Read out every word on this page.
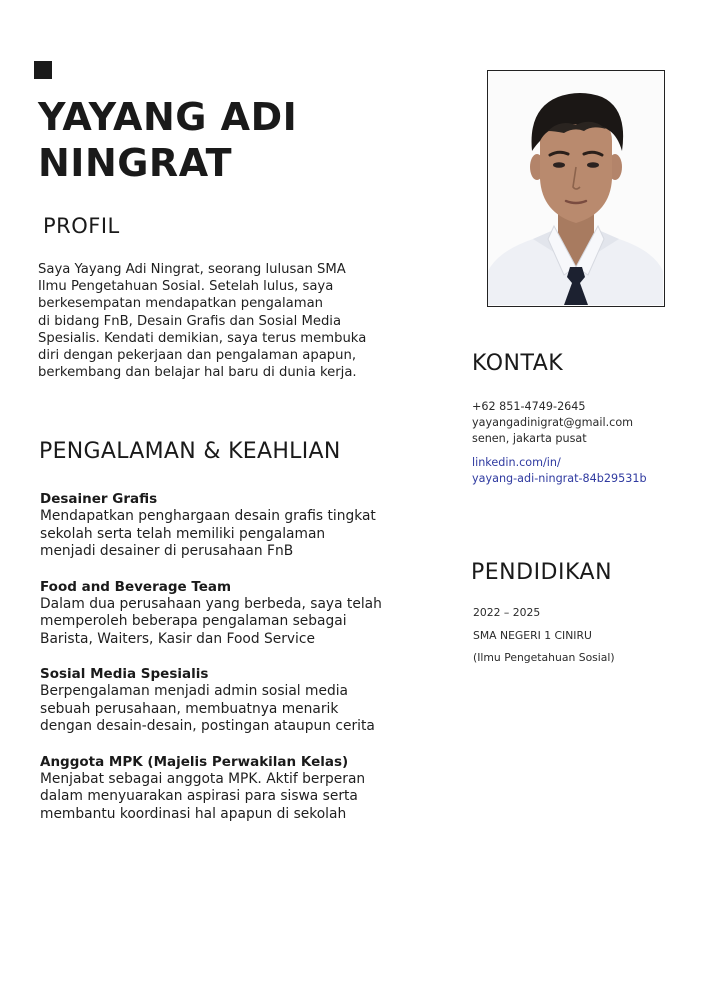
YAYANG ADI
NINGRAT
PROFIL

Saya Yayang Adi Ningrat, seorang lulusan SMA
Ilmu Pengetahuan Sosial. Setelah lulus, saya
berkesempatan mendapatkan pengalaman
di bidang FnB, Desain Grafis dan Sosial Media
Spesialis. Kendati demikian, saya terus membuka
diri dengan pekerjaan dan pengalaman apapun,
berkembang dan belajar hal baru di dunia kerja.

PENGALAMAN & KEAHLIAN
Desainer Grafis

Mendapatkan penghargaan desain grafis tingkat
sekolah serta telah memiliki pengalaman
menjadi desainer di perusahaan FnB

Food and Beverage Team

Dalam dua perusahaan yang berbeda, saya telah
memperoleh beberapa pengalaman sebagai
Barista, Waiters, Kasir dan Food Service

Sosial Media Spesialis

Berpengalaman menjadi admin sosial media
sebuah perusahaan, membuatnya menarik
dengan desain-desain, postingan ataupun cerita

Anggota MPK (Majelis Perwakilan Kelas)

Menjabat sebagai anggota MPK. Aktif berperan
dalam menyuarakan aspirasi para siswa serta
membantu koordinasi hal apapun di sekolah

KONTAK
+62 851-4749-2645
yayangadinigrat@gmail.com
senen, jakarta pusat
linkedin.com/in/
yayang-adi-ningrat-84b29531b
PENDIDIKAN
2022 – 2025
SMA NEGERI 1 CINIRU
(Ilmu Pengetahuan Sosial)
